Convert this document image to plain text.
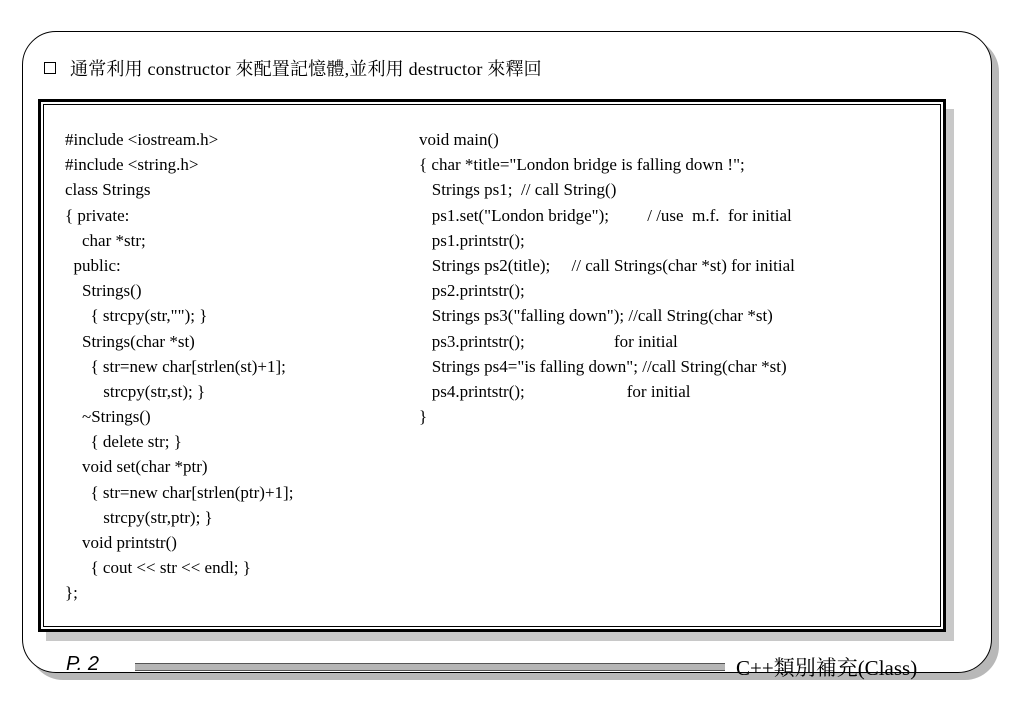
通常利用 constructor 來配置記憶體,並利用 destructor 來釋回
#include <iostream.h>
#include <string.h>
class Strings
{ private:
char *str;
public:
Strings()
{ strcpy(str,""); }
Strings(char *st)
{ str=new char[strlen(st)+1];
strcpy(str,st); }
~Strings()
{ delete str; }
void set(char *ptr)
{ str=new char[strlen(ptr)+1];
strcpy(str,ptr); }
void printstr()
{ cout << str << endl; }
};
void main()
{ char *title="London bridge is falling down !";
Strings ps1;  // call String()
ps1.set("London bridge");         / /use  m.f.  for initial
ps1.printstr();
Strings ps2(title);     // call Strings(char *st) for initial
ps2.printstr();
Strings ps3("falling down"); //call String(char *st)
ps3.printstr();                     for initial
Strings ps4="is falling down"; //call String(char *st)
ps4.printstr();                        for initial
}
P. 2	C++類別補充(Class)
